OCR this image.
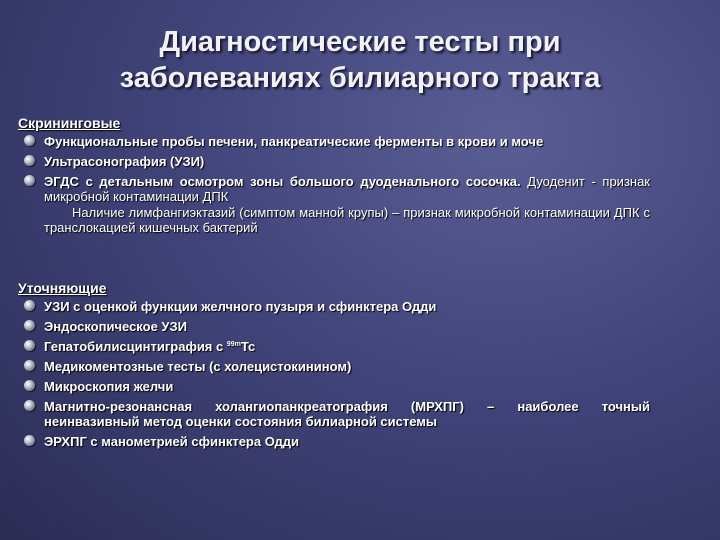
Диагностические тесты при
заболеваниях билиарного тракта
Скрининговые
Функциональные пробы печени, панкреатические ферменты в крови и моче
Ультрасонография (УЗИ)
ЭГДС с детальным осмотром зоны большого дуоденального сосочка. Дуоденит - признак микробной контаминации ДПК
Наличие лимфангиэктазий (симптом манной крупы) – признак микробной контаминации ДПК с транслокацией кишечных бактерий
Уточняющие
УЗИ с оценкой функции желчного пузыря и сфинктера Одди
Эндоскопическое УЗИ
Гепатобилисцинтиграфия с $^{99m}$Тс
Медикоментозные тесты (с холецистокинином)
Микроскопия желчи
Магнитно-резонансная холангиопанкреатография (МРХПГ) – наиболее точный неинвазивный метод оценки состояния билиарной системы
ЭРХПГ с манометрией сфинктера Одди
